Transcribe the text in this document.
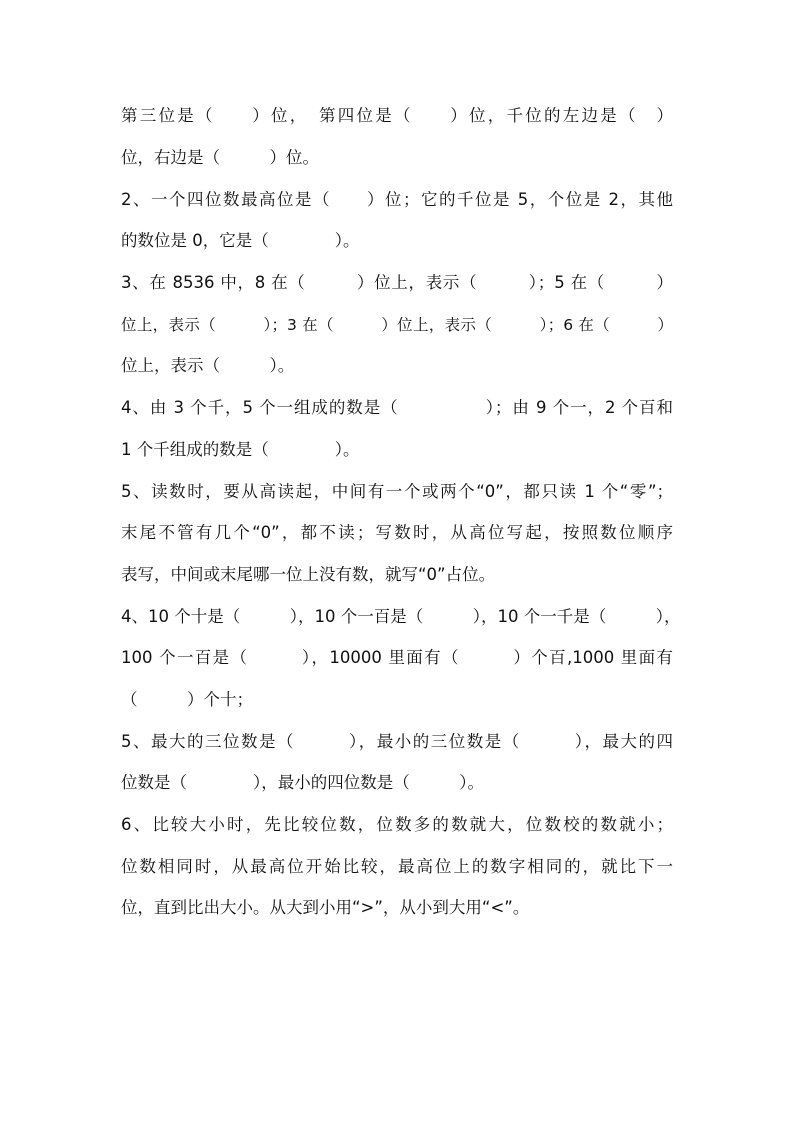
第三位是（　　）位，　第四位是（　　）位，千位的左边是（　）
位，右边是（　　　）位。
2、一个四位数最高位是（　　）位；它的千位是 5，个位是 2，其他
的数位是 0，它是（　　　　）。
3、在 8536 中，8 在（　　　）位上，表示（　　　）；5 在（　　　）
位上，表示（　　　）；3 在（　　　）位上，表示（　　　）；6 在（　　　）
位上，表示（　　　）。
4、由 3 个千，5 个一组成的数是（　　　　　）；由 9 个一，2 个百和
1 个千组成的数是（　　　　）。
5、读数时，要从高读起，中间有一个或两个“0”，都只读 1 个“零”；
末尾不管有几个“0”，都不读；写数时，从高位写起，按照数位顺序
表写，中间或末尾哪一位上没有数，就写“0”占位。
4、10 个十是（　　　），10 个一百是（　　　），10 个一千是（　　　），
100 个一百是（　　　），10000 里面有（　　　）个百,1000 里面有
（　　　）个十；
5、最大的三位数是（　　　），最小的三位数是（　　　），最大的四
位数是（　　　　），最小的四位数是（　　　）。
6、比较大小时，先比较位数，位数多的数就大，位数校的数就小；
位数相同时，从最高位开始比较，最高位上的数字相同的，就比下一
位，直到比出大小。从大到小用“>”，从小到大用“<”。
